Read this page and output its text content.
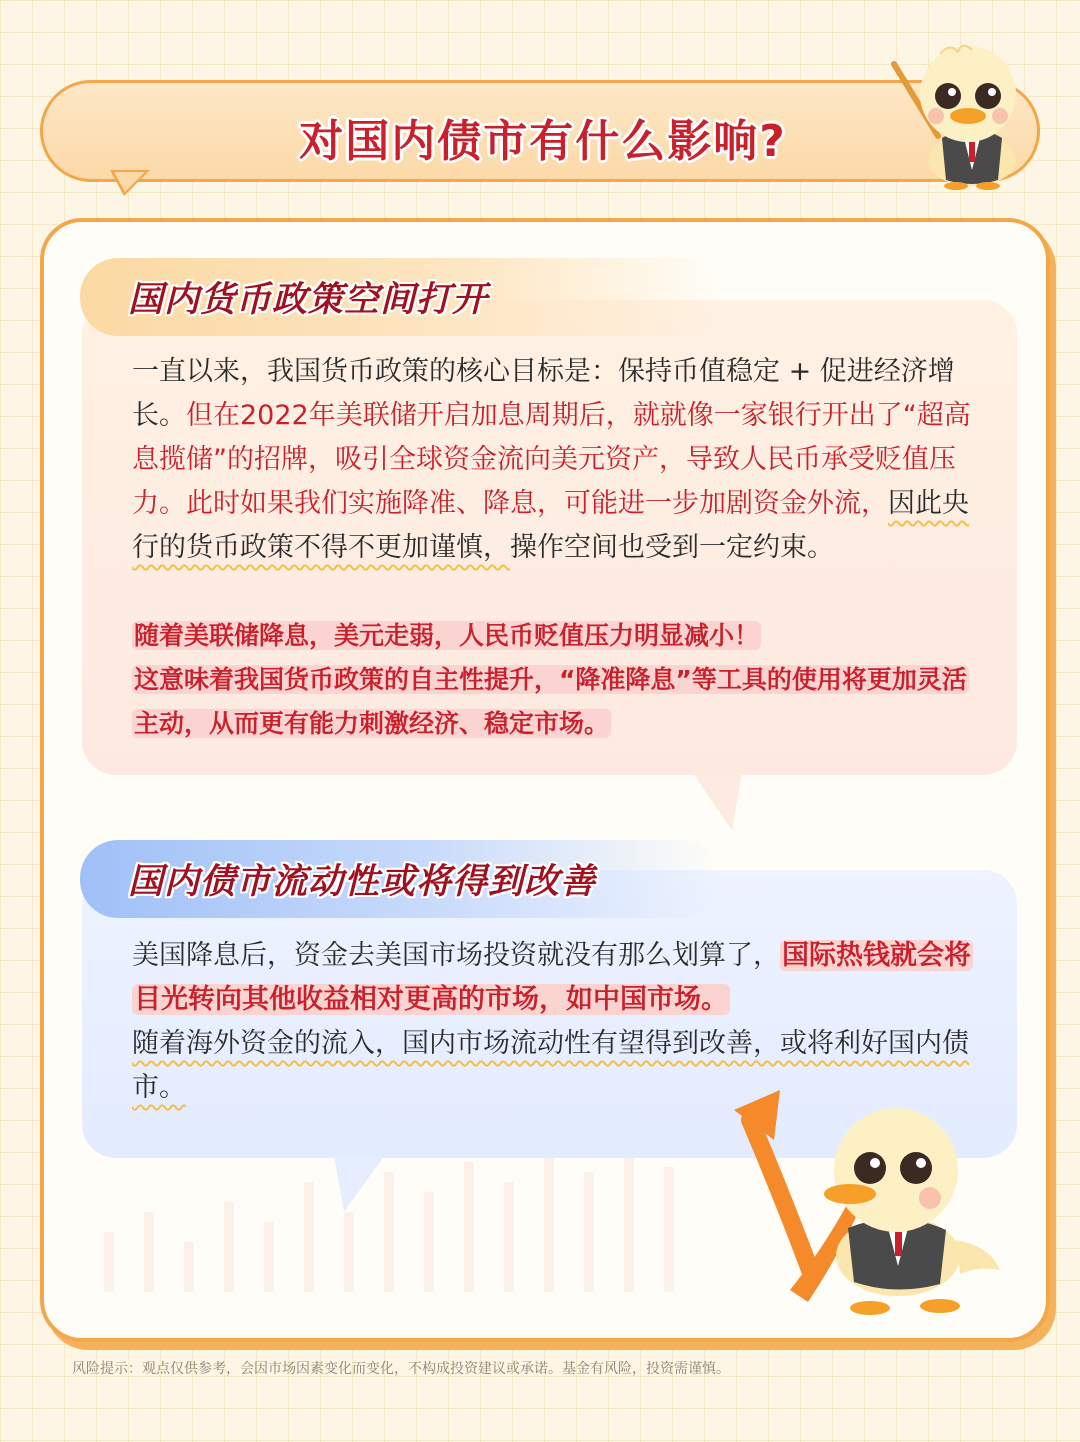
对国内债市有什么影响?
国内货币政策空间打开
一直以来，我国货币政策的核心目标是：保持币值稳定 + 促进经济增长。但在2022年美联储开启加息周期后，就就像一家银行开出了“超高息揽储”的招牌，吸引全球资金流向美元资产，导致人民币承受贬值压力。此时如果我们实施降准、降息，可能进一步加剧资金外流，因此央行的货币政策不得不更加谨慎，操作空间也受到一定约束。
随着美联储降息，美元走弱，人民币贬值压力明显减小！
这意味着我国货币政策的自主性提升，“降准降息”等工具的使用将更加灵活主动，从而更有能力刺激经济、稳定市场。
国内债市流动性或将得到改善
美国降息后，资金去美国市场投资就没有那么划算了，国际热钱就会将目光转向其他收益相对更高的市场，如中国市场。
随着海外资金的流入，国内市场流动性有望得到改善，或将利好国内债市。
风险提示：观点仅供参考，会因市场因素变化而变化，不构成投资建议或承诺。基金有风险，投资需谨慎。
